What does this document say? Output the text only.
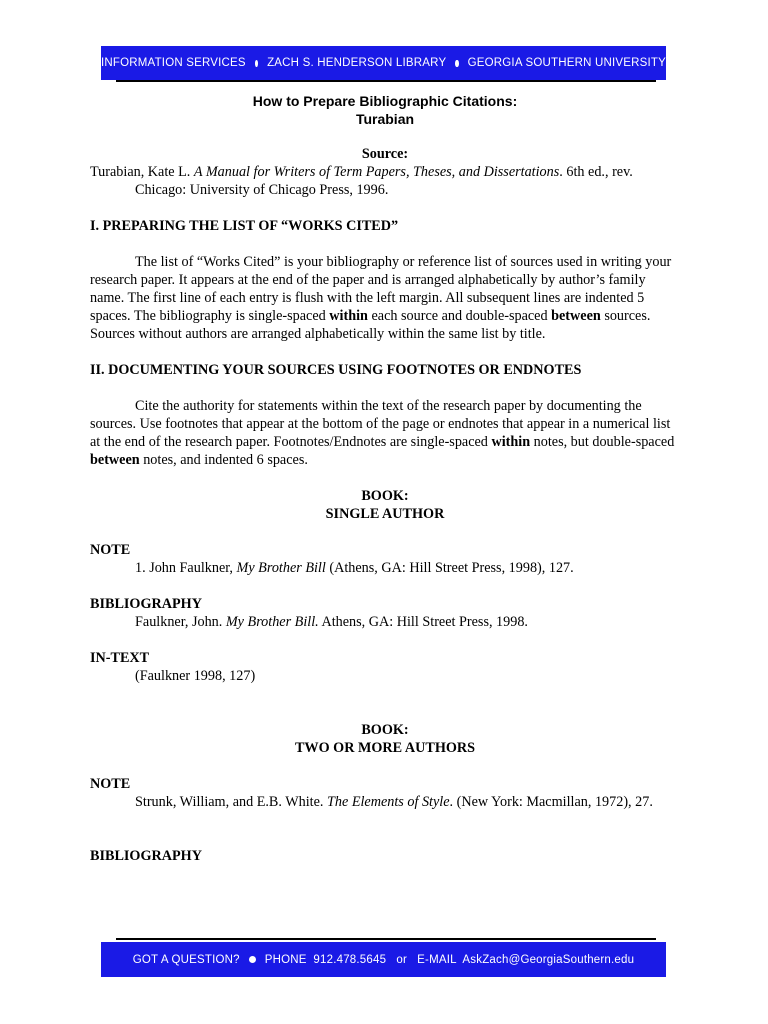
INFORMATION SERVICES ZACH S. HENDERSON LIBRARY GEORGIA SOUTHERN UNIVERSITY

How to Prepare Bibliographic Citations:

Turabian

Source:

Turabian, Kate L. A Manual for Writers of Term Papers, Theses, and Dissertations. 6th ed., rev. Chicago: University of Chicago Press, 1996.

I. PREPARING THE LIST OF “WORKS CITED”

The list of “Works Cited” is your bibliography or reference list of sources used in writing your research paper. It appears at the end of the paper and is arranged alphabetically by author’s family name. The first line of each entry is flush with the left margin. All subsequent lines are indented 5 spaces. The bibliography is single-spaced within each source and double-spaced between sources. Sources without authors are arranged alphabetically within the same list by title.

II. DOCUMENTING YOUR SOURCES USING FOOTNOTES OR ENDNOTES

Cite the authority for statements within the text of the research paper by documenting the sources. Use footnotes that appear at the bottom of the page or endnotes that appear in a numerical list at the end of the research paper. Footnotes/Endnotes are single-spaced within notes, but double-spaced between notes, and indented 6 spaces.

BOOK:

SINGLE AUTHOR

NOTE

1. John Faulkner, My Brother Bill (Athens, GA: Hill Street Press, 1998), 127.

BIBLIOGRAPHY

Faulkner, John. My Brother Bill. Athens, GA: Hill Street Press, 1998.

IN-TEXT

(Faulkner 1998, 127)

BOOK:

TWO OR MORE AUTHORS

NOTE

Strunk, William, and E.B. White. The Elements of Style. (New York: Macmillan, 1972), 27.

BIBLIOGRAPHY

GOT A QUESTION? PHONE  912.478.5645   or   E-MAIL  AskZach@GeorgiaSouthern.edu
